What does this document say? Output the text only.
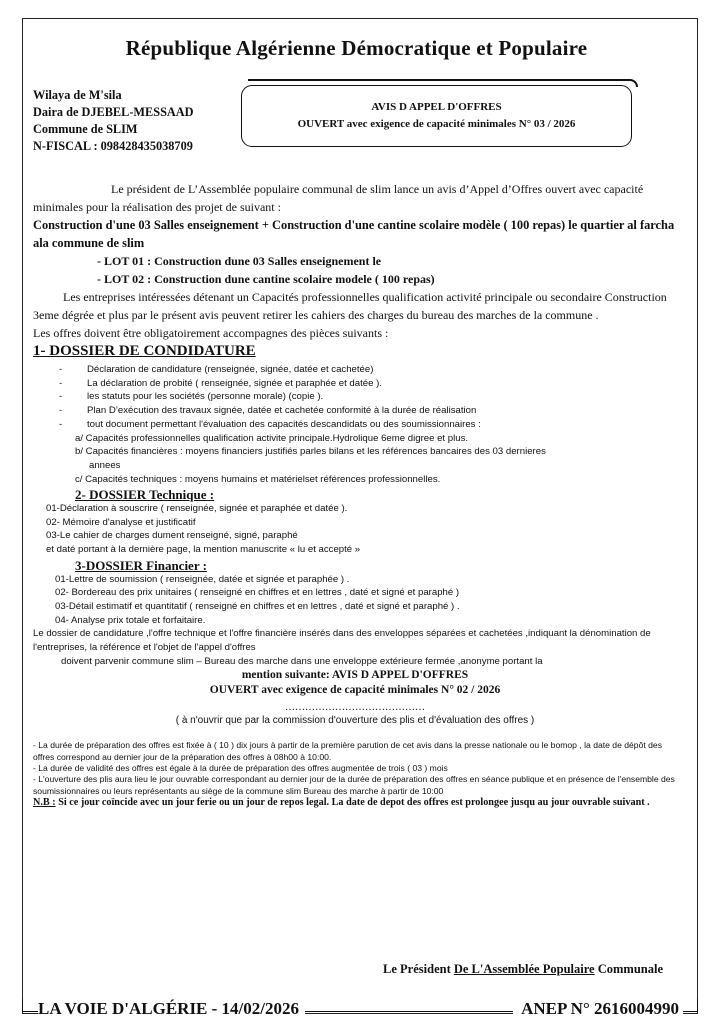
République Algérienne Démocratique et Populaire
Wilaya de M'sila
Daira de DJEBEL-MESSAAD
Commune de SLIM
N-FISCAL : 098428435038709
AVIS D APPEL D'OFFRES
OUVERT avec exigence de capacité minimales N° 03 / 2026

Le président de L’Assemblée populaire communal de slim lance un avis d’Appel d’Offres ouvert avec capacité minimales pour la réalisation des projet de suivant :

Construction d'une 03 Salles enseignement + Construction d'une cantine scolaire modèle ( 100 repas) le quartier al farcha ala commune de slim

- LOT 01 : Construction dune 03 Salles enseignement le
- LOT 02 : Construction dune cantine scolaire modele ( 100 repas)

Les entreprises intéressées détenant un Capacités professionnelles qualification activité principale ou secondaire Construction 3eme dégrée et plus par le présent avis peuvent retirer les cahiers des charges du bureau des marches de la commune .

Les offres doivent être obligatoirement accompagnes des pièces suivants :

1- DOSSIER DE CONDIDATURE
- Déclaration de candidature (renseignée, signée, datée et cachetée)
- La déclaration de probité ( renseignée, signée et paraphée et datée ).
- les statuts pour les sociétés (personne morale) (copie ).
- Plan D’exécution des travaux signée, datée et cachetée conformité à la durée de réalisation
- tout document permettant l'évaluation des capacités descandidats ou des soumissionnaires :
a/ Capacités professionnelles qualification activite principale.Hydrolique 6eme digree et plus.
b/ Capacités financières : moyens financiers justifiés parles bilans et les références bancaires des 03 dernieres
annees
c/ Capacités techniques : moyens humains et matérielset références professionnelles.
2- DOSSIER Technique :
01-Déclaration à souscrire ( renseignée, signée et paraphée et datée ).
02- Mémoire d'analyse et justificatif
03-Le cahier de charges dument renseigné, signé, paraphé
et daté portant à la dernière page, la mention manuscrite « lu et accepté »
3-DOSSIER Financier :
01-Lettre de soumission ( renseignée, datée et signée et paraphée ) .
02- Bordereau des prix unitaires ( renseigné en chiffres et en lettres , daté et signé et paraphé )
03-Détail estimatif et quantitatif ( renseigné en chiffres et en lettres , daté et signé et paraphé ) .
04- Analyse prix totale et forfaitaire.
Le dossier de candidature ,l'offre technique et l'offre financière insérés dans des enveloppes séparées et cachetées ,indiquant la dénomination de l'entreprises, la référence et l'objet de l'appel d'offres
doivent parvenir commune slim – Bureau des marche dans une enveloppe extérieure fermée ,anonyme portant la
mention suivante: AVIS D APPEL D'OFFRES
OUVERT avec exigence de capacité minimales N° 02 / 2026
……………………………………
( à n'ouvrir que par la commission d'ouverture des plis et d'évaluation des offres )
- La durée de préparation des offres est fixée à ( 10 ) dix jours à partir de la première parution de cet avis dans la presse nationale ou le bomop , la date de dépôt des offres correspond au dernier jour de la préparation des offres à 08h00 à 10:00.
- La durée de validité des offres est égale à la durée de préparation des offres augmentée de trois ( 03 ) mois
- L'ouverture des plis aura lieu le jour ouvrable correspondant au dernier jour de la durée de préparation des offres en séance publique et en présence de l'ensemble des soumissionnaires ou leurs représentants au siège de la commune slim Bureau des marche à partir de 10:00
N.B : Si ce jour coïncide avec un jour ferie ou un jour de repos legal. La date de depot des offres est prolongee jusqu au jour ouvrable suivant .
Le Président De L'Assemblée Populaire Communale
LA VOIE D'ALGÉRIE - 14/02/2026	ANEP N° 2616004990
